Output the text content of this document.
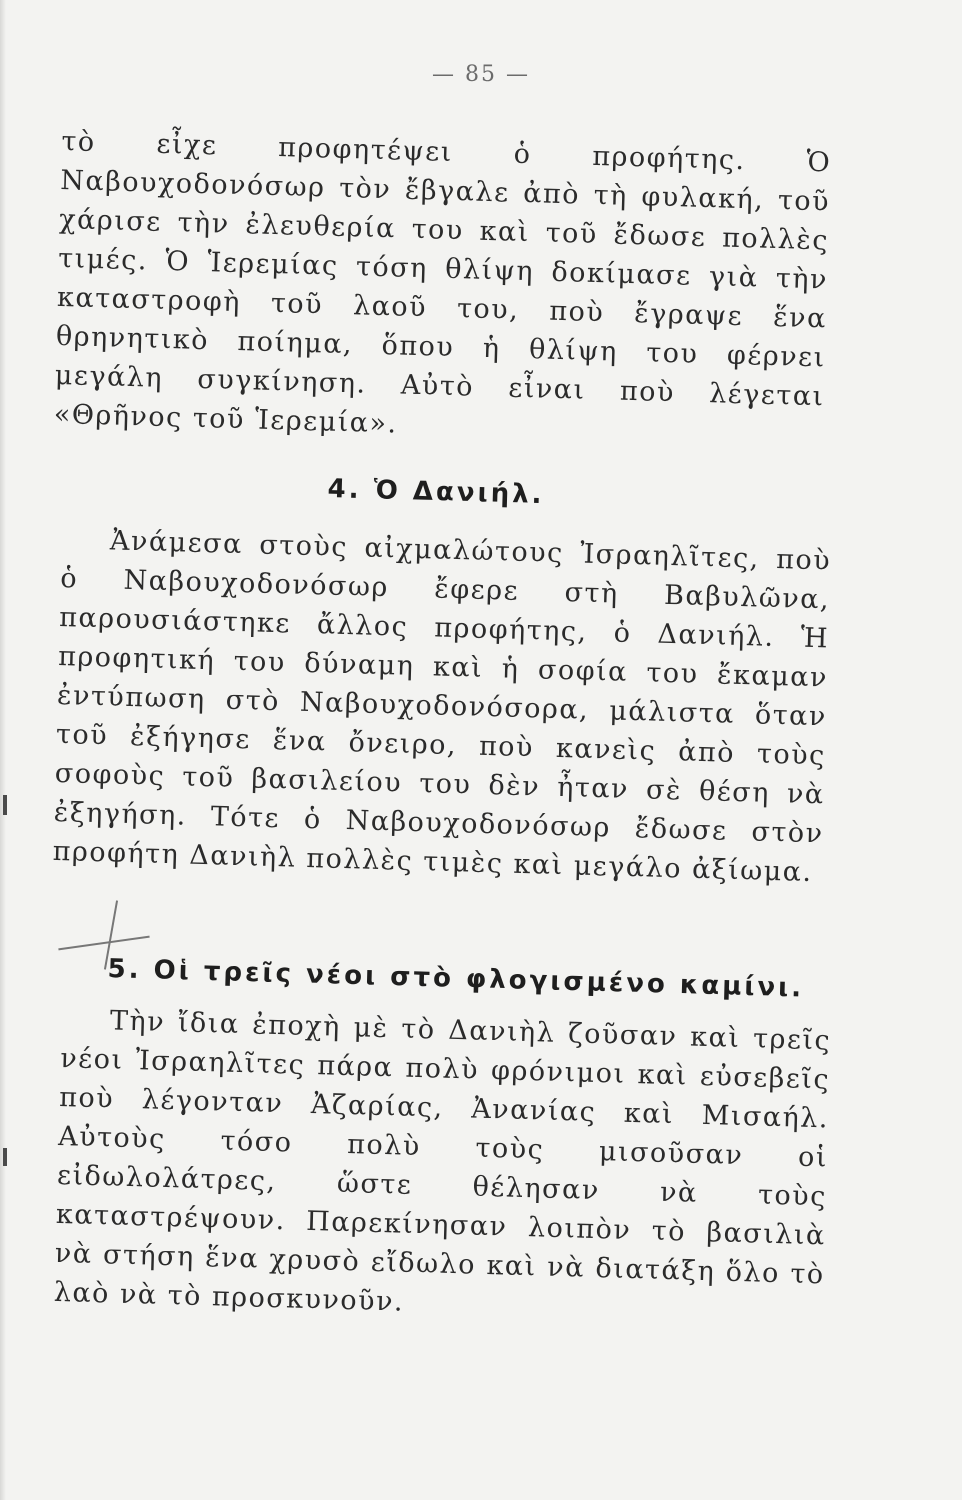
— 85 —

τὸ εἶχε προφητέψει ὁ προφήτης. Ὁ Ναβουχοδονόσωρ τὸν ἔβγαλε ἀπὸ τὴ φυλακή, τοῦ χάρισε τὴν ἐλευθερία του καὶ τοῦ ἔδωσε πολλὲς τιμές. Ὁ Ἱερεμίας τόση θλίψη δοκίμασε γιὰ τὴν καταστροφὴ τοῦ λαοῦ του, ποὺ ἔγραψε ἕνα θρηνητικὸ ποίημα, ὅπου ἡ θλίψη του φέρνει μεγάλη συγκίνηση. Αὐτὸ εἶναι ποὺ λέγεται «Θρῆνος τοῦ Ἱερεμία».

4. Ὁ Δανιήλ.

Ἀνάμεσα στοὺς αἰχμαλώτους Ἰσραηλῖτες, ποὺ ὁ Ναβουχοδονόσωρ ἔφερε στὴ Βαβυλῶνα, παρουσιάστηκε ἄλλος προφήτης, ὁ Δανιήλ. Ἡ προφητική του δύναμη καὶ ἡ σοφία του ἔκαμαν ἐντύπωση στὸ Ναβουχοδονόσορα, μάλιστα ὅταν τοῦ ἐξήγησε ἕνα ὄνειρο, ποὺ κανεὶς ἀπὸ τοὺς σοφοὺς τοῦ βασιλείου του δὲν ἦταν σὲ θέση νὰ ἐξηγήση. Τότε ὁ Ναβουχοδονόσωρ ἔδωσε στὸν προφήτη Δανιὴλ πολλὲς τιμὲς καὶ μεγάλο ἀξίωμα.

5. Οἱ τρεῖς νέοι στὸ φλογισμένο καμίνι.

Τὴν ἴδια ἐποχὴ μὲ τὸ Δανιὴλ ζοῦσαν καὶ τρεῖς νέοι Ἰσραηλῖτες πάρα πολὺ φρόνιμοι καὶ εὐσεβεῖς ποὺ λέγονταν Ἀζαρίας, Ἀνανίας καὶ Μισαήλ. Αὐτοὺς τόσο πολὺ τοὺς μισοῦσαν οἱ εἰδωλολάτρες, ὥστε θέλησαν νὰ τοὺς καταστρέψουν. Παρεκίνησαν λοιπὸν τὸ βασιλιὰ νὰ στήση ἕνα χρυσὸ εἴδωλο καὶ νὰ διατάξη ὅλο τὸ λαὸ νὰ τὸ προσκυνοῦν.
